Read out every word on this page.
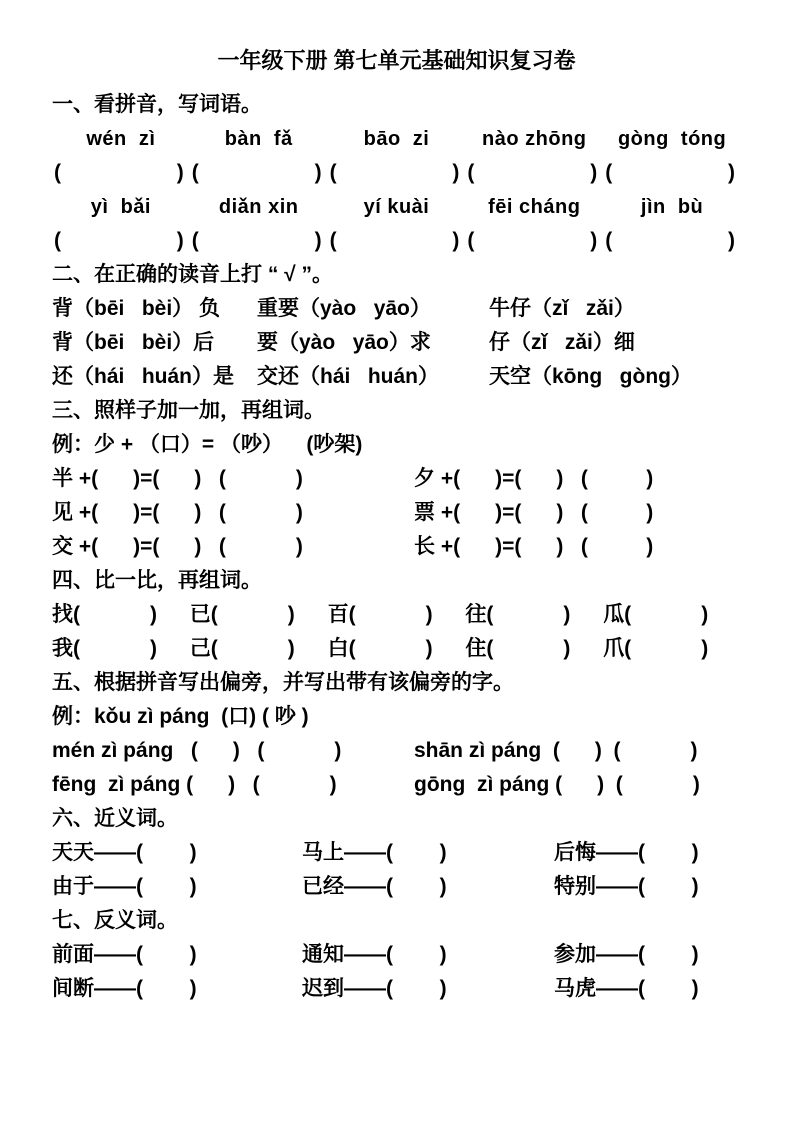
一年级下册 第七单元基础知识复习卷
一、看拼音，写词语。
wén  zì	bàn  fǎ	bāo  zi	nào zhōng	gòng  tóng
(	) (	) (	) (	) (	)
yì  bǎi	diǎn xin	yí kuài	fēi cháng	jìn  bù
(	) (	) (	) (	) (	)
二、在正确的读音上打 “ √ ”。
背（bēi   bèi） 负	重要（yào   yāo）	牛仔（zǐ   zǎi）
背（bēi   bèi）后	要（yào   yāo）求	仔（zǐ   zǎi）细
还（hái   huán）是	交还（hái   huán）	天空（kōng   gòng）
三、照样子加一加，再组词。
例：少 + （口）= （吵）    (吵架)
半 +(      )=(      )   (            )	夕 +(      )=(      )   (          )
见 +(      )=(      )   (            )	票 +(      )=(      )   (          )
交 +(      )=(      )   (            )	长 +(      )=(      )   (          )
四、比一比，再组词。
找(            )	已(            )	百(            )	往(            )	瓜(            )
我(            )	己(            )	白(            )	住(            )	爪(            )
五、根据拼音写出偏旁，并写出带有该偏旁的字。
例：kǒu zì páng  (口) ( 吵 )
mén zì páng   (      )   (            )	shān zì páng  (      )  (            )
fēng  zì páng (      )   (            )	gōng  zì páng (      )  (            )
六、近义词。
天天——(        )	马上——(        )	后悔——(        )
由于——(        )	已经——(        )	特别——(        )
七、反义词。
前面——(        )	通知——(        )	参加——(        )
间断——(        )	迟到——(        )	马虎——(        )
